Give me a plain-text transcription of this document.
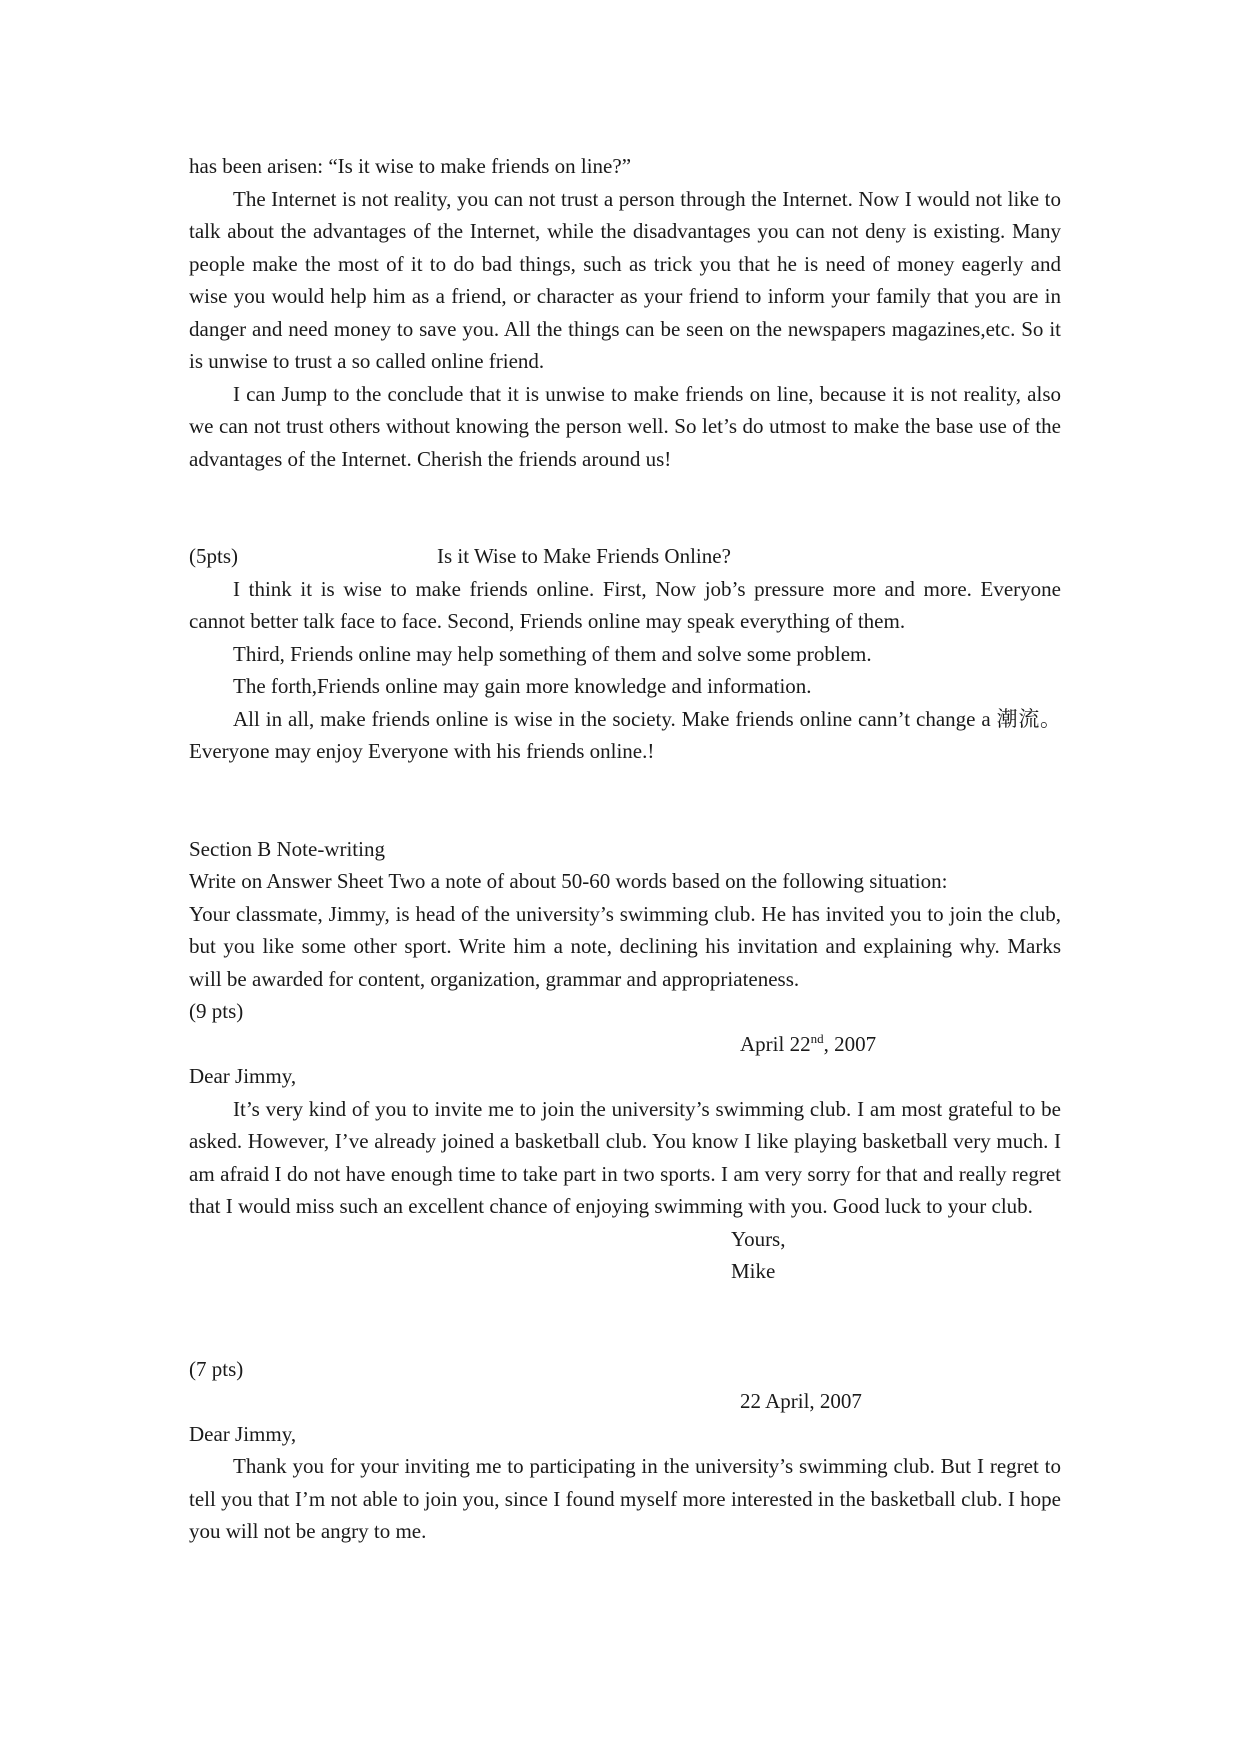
has been arisen: “Is it wise to make friends on line?”

The Internet is not reality, you can not trust a person through the Internet. Now I would not like to talk about the advantages of the Internet, while the disadvantages you can not deny is existing. Many people make the most of it to do bad things, such as trick you that he is need of money eagerly and wise you would help him as a friend, or character as your friend to inform your family that you are in danger and need money to save you. All the things can be seen on the newspapers magazines,etc. So it is unwise to trust a so called online friend.

I can Jump to the conclude that it is unwise to make friends on line, because it is not reality, also we can not trust others without knowing the person well. So let’s do utmost to make the base use of the advantages of the Internet. Cherish the friends around us!

(5pts)	Is it Wise to Make Friends Online?

I think it is wise to make friends online. First, Now job’s pressure more and more. Everyone cannot better talk face to face. Second, Friends online may speak everything of them.

Third, Friends online may help something of them and solve some problem.

The forth,Friends online may gain more knowledge and information.

All in all, make friends online is wise in the society. Make friends online cann’t change a 潮流。 Everyone may enjoy Everyone with his friends online.!

Section B Note-writing

Write on Answer Sheet Two a note of about 50-60 words based on the following situation:

Your classmate, Jimmy, is head of the university’s swimming club. He has invited you to join the club, but you like some other sport. Write him a note, declining his invitation and explaining why. Marks will be awarded for content, organization, grammar and appropriateness.

(9 pts)

April 22nd, 2007

Dear Jimmy,

It’s very kind of you to invite me to join the university’s swimming club. I am most grateful to be asked. However, I’ve already joined a basketball club. You know I like playing basketball very much. I am afraid I do not have enough time to take part in two sports. I am very sorry for that and really regret that I would miss such an excellent chance of enjoying swimming with you. Good luck to your club.

Yours,
Mike

(7 pts)

22 April, 2007

Dear Jimmy,

Thank you for your inviting me to participating in the university’s swimming club. But I regret to tell you that I’m not able to join you, since I found myself more interested in the basketball club. I hope you will not be angry to me.
